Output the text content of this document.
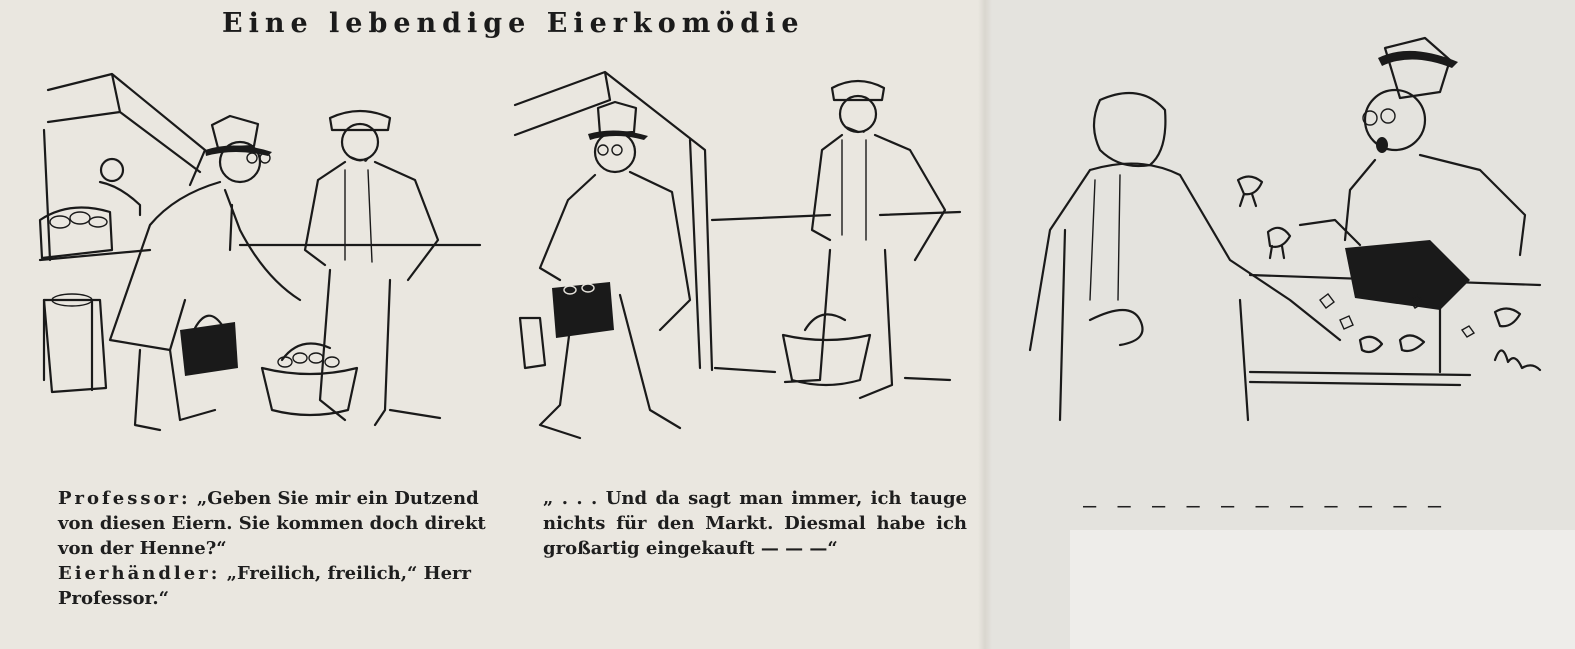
Eine lebendige Eierkomödie

Professor: „Geben Sie mir ein Dutzend von diesen Eiern. Sie kommen doch direkt von der Henne?“

Eierhändler: „Freilich, freilich,“ Herr Professor.“

„ . . . Und da sagt man immer, ich tauge nichts für den Markt. Diesmal habe ich großartig eingekauft — — —“

— — — — — — — — — — —
